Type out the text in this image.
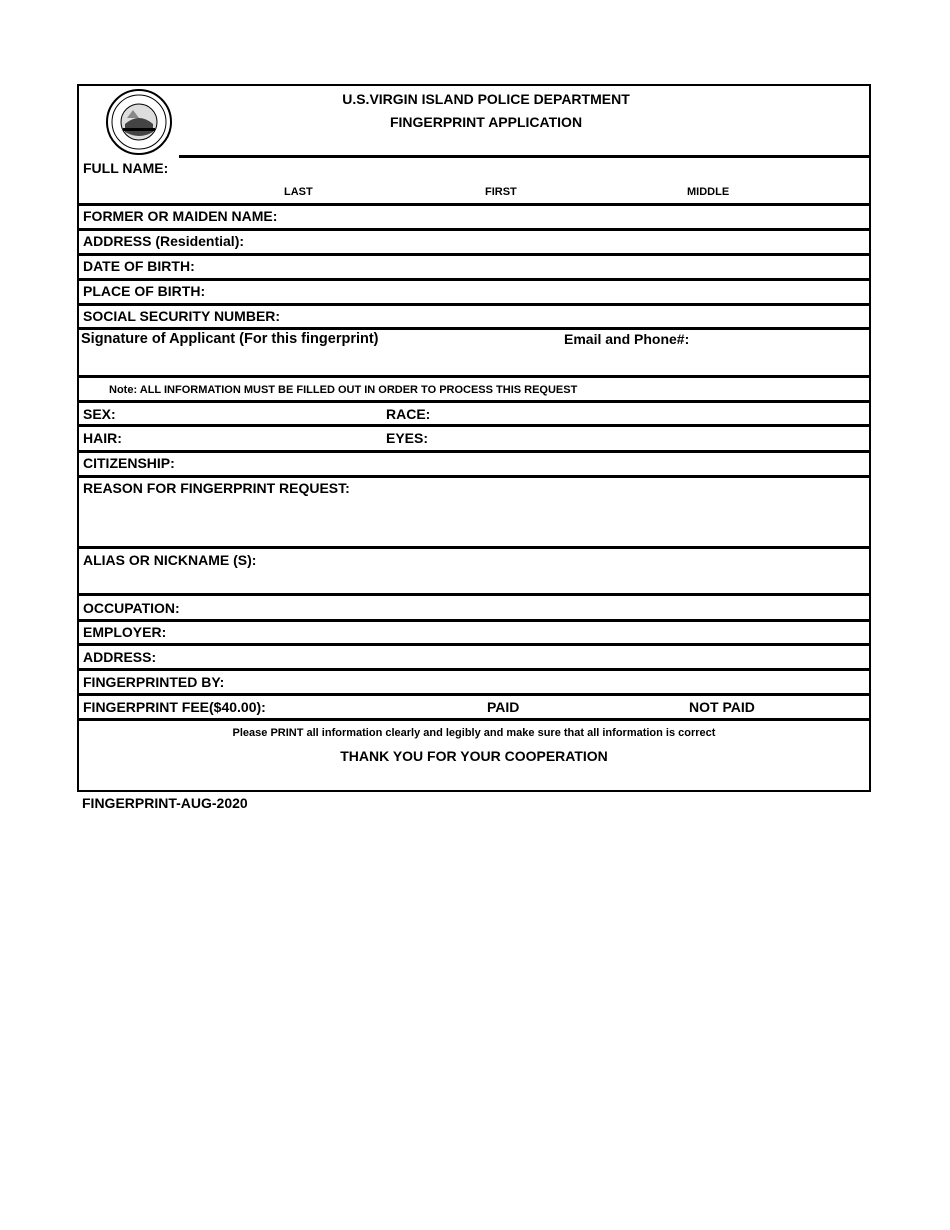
U.S.VIRGIN ISLAND POLICE DEPARTMENT
FINGERPRINT APPLICATION
FULL NAME:
LAST	FIRST	MIDDLE
FORMER OR MAIDEN NAME:
ADDRESS (Residential):
DATE OF BIRTH:
PLACE OF BIRTH:
SOCIAL SECURITY NUMBER:
Signature of Applicant (For this fingerprint)	Email and Phone#:
Note: ALL INFORMATION MUST BE FILLED OUT IN ORDER TO PROCESS THIS REQUEST
SEX:	RACE:
HAIR:	EYES:
CITIZENSHIP:
REASON FOR FINGERPRINT REQUEST:
ALIAS OR NICKNAME (S):
OCCUPATION:
EMPLOYER:
ADDRESS:
FINGERPRINTED BY:
FINGERPRINT FEE($40.00):	PAID	NOT PAID
Please PRINT all information clearly and legibly and make sure that all information is correct
THANK YOU FOR YOUR COOPERATION
FINGERPRINT-AUG-2020
